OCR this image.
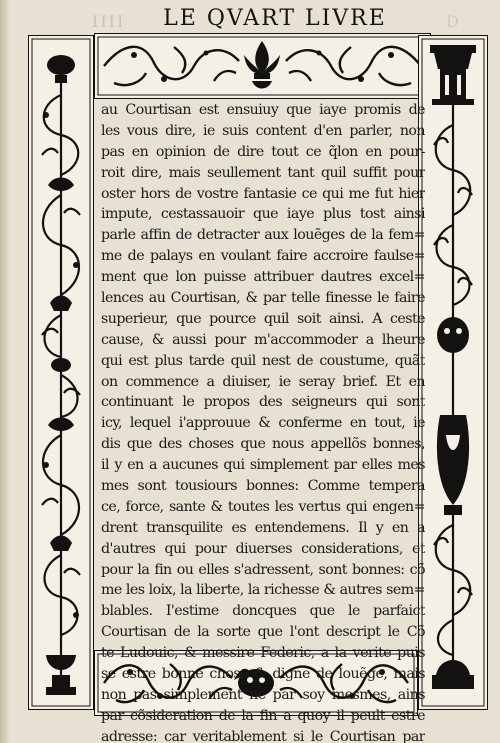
IIII	LE QVART LIVRE	D
au Courtisan est ensuiuy que iaye promis de
les vous dire, ie suis content d'en parler, non
pas en opinion de dire tout ce q̃lon en pour-
roit dire, mais seullement tant quil suffit pour
oster hors de vostre fantasie ce qui me fut hier
impute, cestassauoir que iaye plus tost ainsi
parle affin de detracter aux louẽges de la fem=
me de palays en voulant faire accroire faulse=
ment que lon puisse attribuer dautres excel=
lences au Courtisan, & par telle finesse le faire
superieur, que pource quil soit ainsi. A ceste
cause, & aussi pour m'accommoder a lheure
qui est plus tarde quil nest de coustume, quãt
on commence a diuiser, ie seray brief. Et en
continuant le propos des seigneurs qui sont
icy, lequel i'approuue & conferme en tout, ie
dis que des choses que nous appellõs bonnes,
il y en a aucunes qui simplement par elles mes
mes sont tousiours bonnes: Comme tempera
ce, force, sante & toutes les vertus qui engen=
drent transquilite es entendemens. Il y en a
d'autres qui pour diuerses considerations, et
pour la fin ou elles s'adressent, sont bonnes: cõ
me les loix, la liberte, la richesse & autres sem=
blables. I'estime doncques que le parfaict
Courtisan de la sorte que l'ont descript le Cõ
te Ludouic, & messire Federic, a la verite puis
se estre bonne chose & digne de louẽge, mais
non pas simplement ne par soy mesmes, ains
par cõsideration de la fin a quoy il peult estre
adresse: car veritablement si le Courtisan par
